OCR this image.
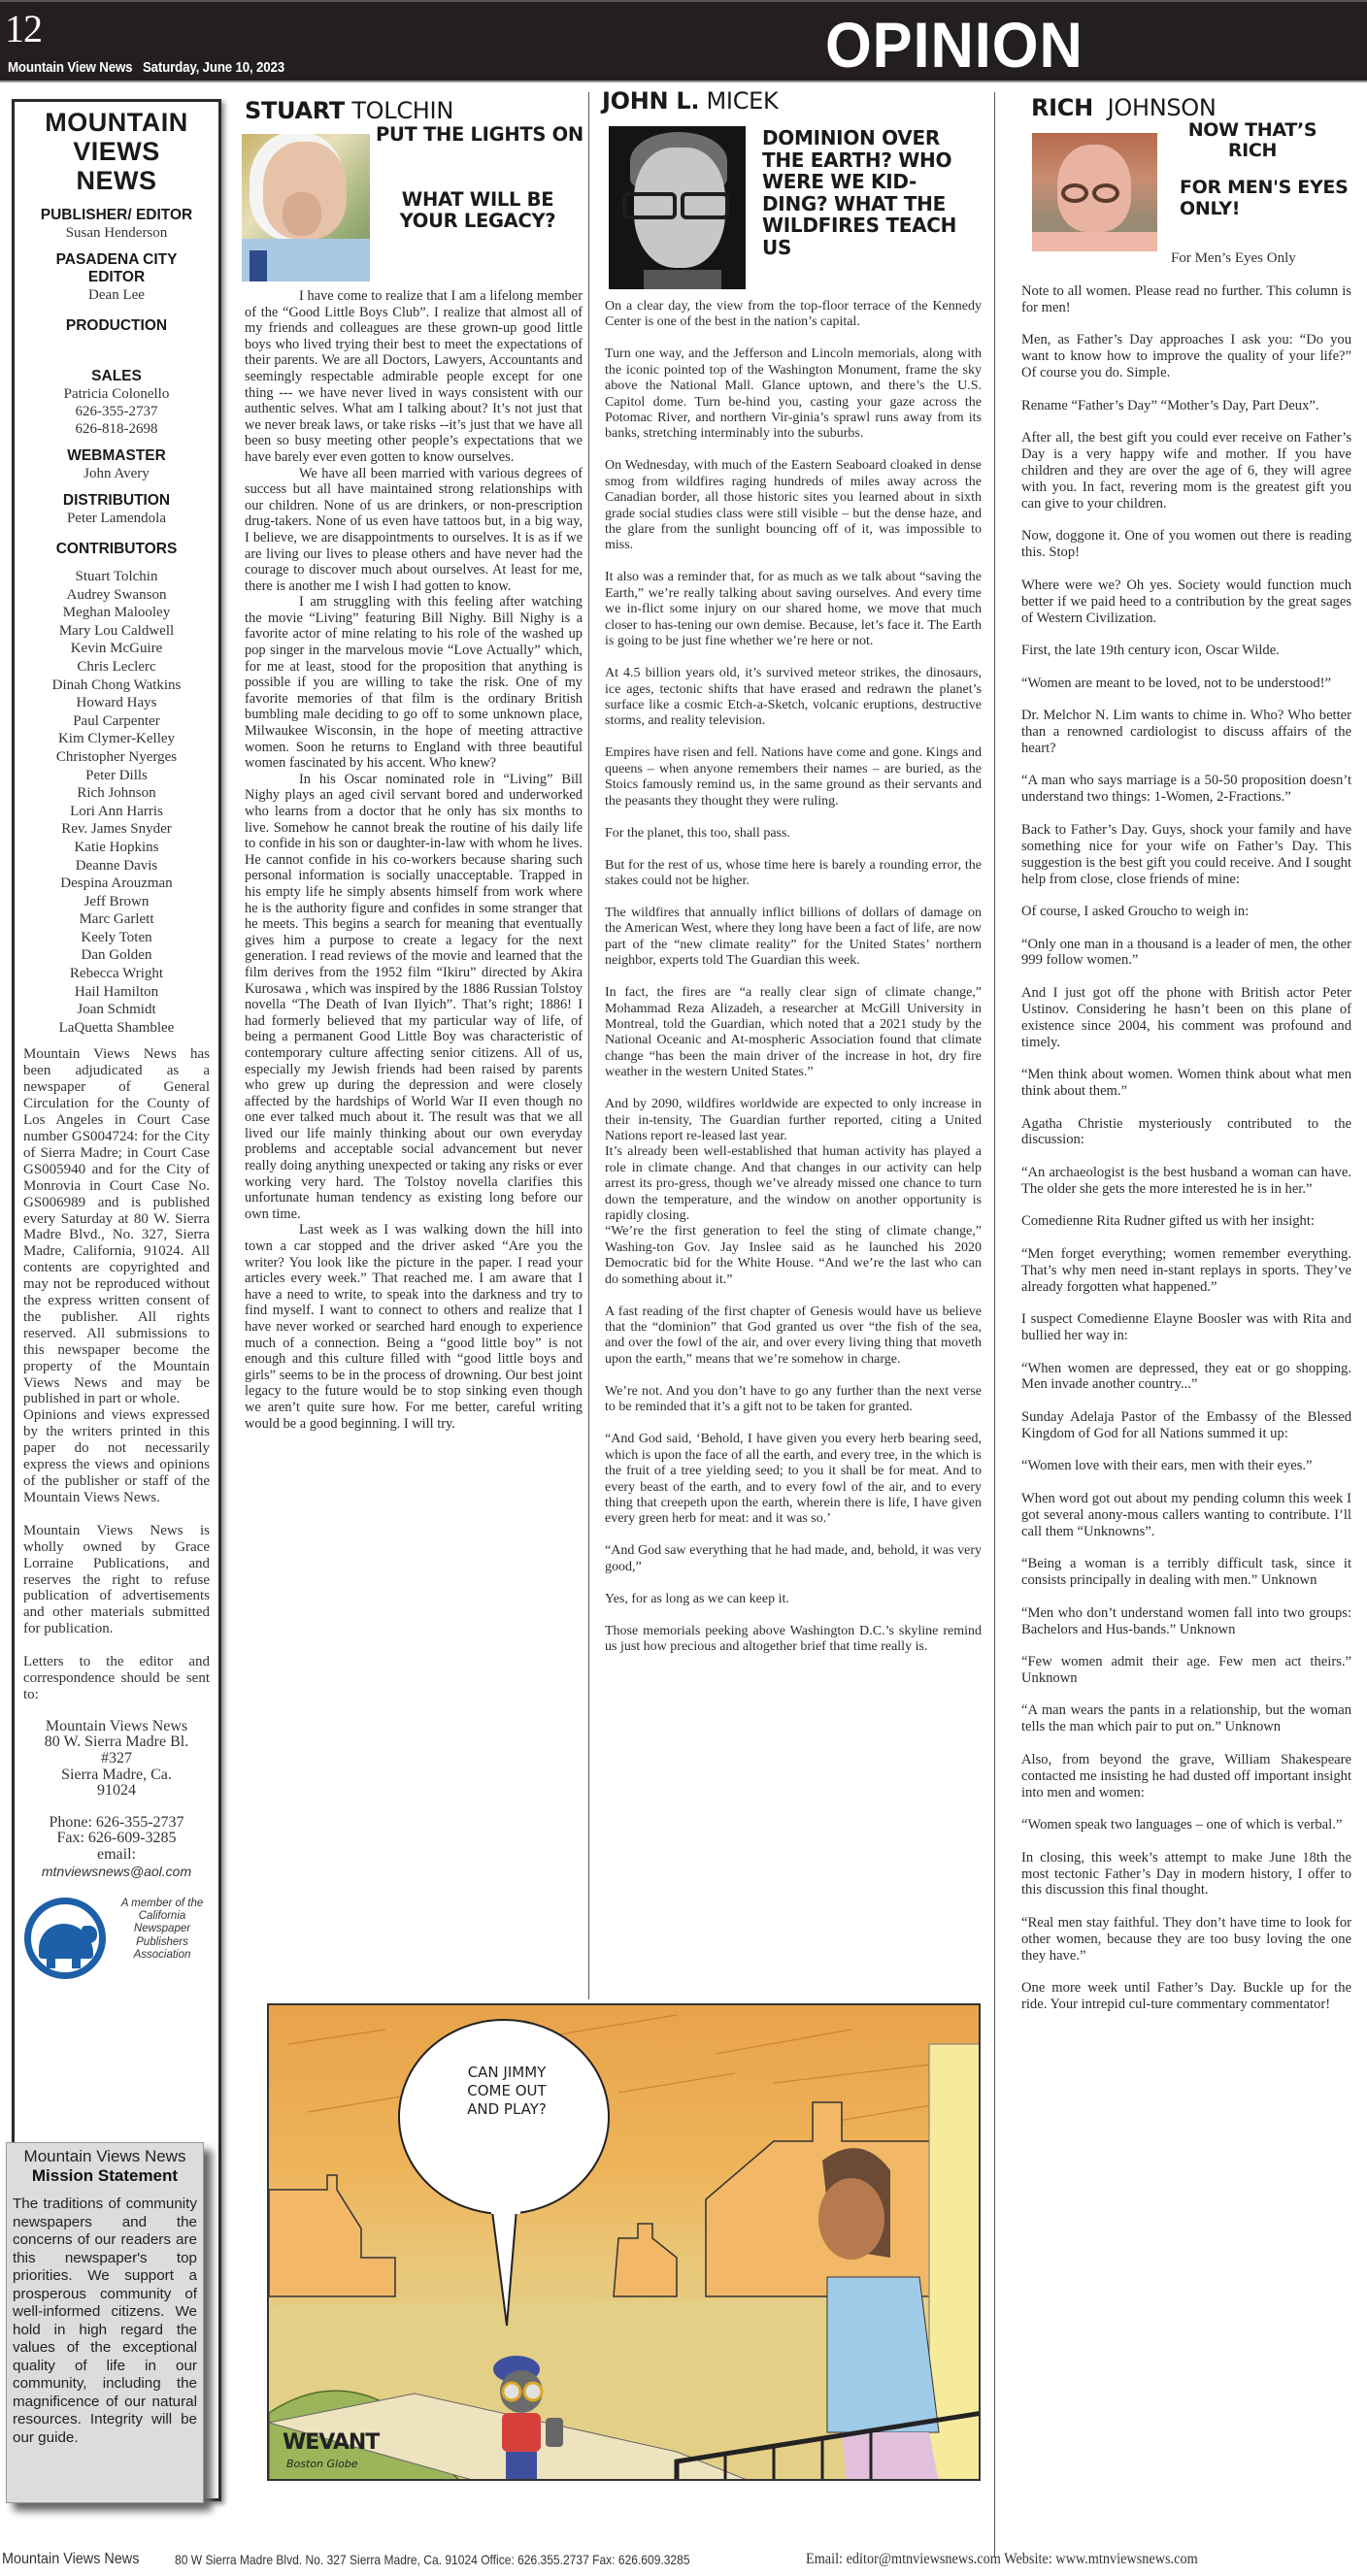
12
Mountain View News   Saturday, June 10, 2023	OPINION
MOUNTAIN
VIEWS
NEWS
PUBLISHER/ EDITOR
Susan Henderson
PASADENA CITY EDITOR
Dean Lee
PRODUCTION
SALES
Patricia Colonello
626-355-2737
626-818-2698
WEBMASTER
John Avery
DISTRIBUTION
Peter Lamendola
CONTRIBUTORS
Stuart Tolchin
Audrey Swanson
Meghan Malooley
Mary Lou Caldwell
Kevin McGuire
Chris Leclerc
Dinah Chong Watkins
Howard Hays
Paul Carpenter
Kim Clymer-Kelley
Christopher Nyerges
Peter Dills
Rich Johnson
Lori Ann Harris
Rev. James Snyder
Katie Hopkins
Deanne Davis
Despina Arouzman
Jeff Brown
Marc Garlett
Keely Toten
Dan Golden
Rebecca Wright
Hail Hamilton
Joan Schmidt
LaQuetta Shamblee
Mountain Views News has been adjudicated as a newspaper of General Circulation for the County of Los Angeles in Court Case number GS004724: for the City of Sierra Madre; in Court Case GS005940 and for the City of Monrovia in Court Case No. GS006989 and is published every Saturday at 80 W. Sierra Madre Blvd., No. 327, Sierra Madre, California, 91024. All contents are copyrighted and may not be reproduced without the express written consent of the publisher. All rights reserved. All submissions to this newspaper become the property of the Mountain Views News and may be published in part or whole.
Opinions and views expressed by the writers printed in this paper do not necessarily express the views and opinions of the publisher or staff of the Mountain Views News.
Mountain Views News is wholly owned by Grace Lorraine Publications, and reserves the right to refuse publication of advertisements and other materials submitted for publication.
Letters to the editor and correspondence should be sent to:
Mountain Views News
80 W. Sierra Madre Bl.
#327
Sierra Madre, Ca.
91024
Phone: 626-355-2737
Fax: 626-609-3285
email:
mtnviewsnews@aol.com
A member of the California Newspaper Publishers Association
Mountain Views News
Mission Statement
The traditions of community newspapers and the concerns of our readers are this newspaper's top priorities. We support a prosperous community of well-informed citizens. We hold in high regard the values of the exceptional quality of life in our community, including the magnificence of our natural resources. Integrity will be our guide.
STUART TOLCHIN
PUT THE LIGHTS ON
WHAT WILL BE YOUR LEGACY?

I have come to realize that I am a lifelong member of the “Good Little Boys Club”. I realize that almost all of my friends and colleagues are these grown-up good little boys who lived trying their best to meet the expectations of their parents. We are all Doctors, Lawyers, Accountants and seemingly respectable admirable people except for one thing --- we have never lived in ways consistent with our authentic selves. What am I talking about? It’s not just that we never break laws, or take risks --it’s just that we have all been so busy meeting other people’s expectations that we have barely ever even gotten to know ourselves.

We have all been married with various degrees of success but all have maintained strong relationships with our children. None of us are drinkers, or non-prescription drug-takers. None of us even have tattoos but, in a big way, I believe, we are disappointments to ourselves. It is as if we are living our lives to please others and have never had the courage to discover much about ourselves. At least for me, there is another me I wish I had gotten to know.

I am struggling with this feeling after watching the movie “Living” featuring Bill Nighy. Bill Nighy is a favorite actor of mine relating to his role of the washed up pop singer in the marvelous movie “Love Actually” which, for me at least, stood for the proposition that anything is possible if you are willing to take the risk. One of my favorite memories of that film is the ordinary British bumbling male deciding to go off to some unknown place, Milwaukee Wisconsin, in the hope of meeting attractive women. Soon he returns to England with three beautiful women fascinated by his accent. Who knew?

In his Oscar nominated role in “Living” Bill Nighy plays an aged civil servant bored and underworked who learns from a doctor that he only has six months to live. Somehow he cannot break the routine of his daily life to confide in his son or daughter-in-law with whom he lives. He cannot confide in his co-workers because sharing such personal information is socially unacceptable. Trapped in his empty life he simply absents himself from work where he is the authority figure and confides in some stranger that he meets. This begins a search for meaning that eventually gives him a purpose to create a legacy for the next generation. I read reviews of the movie and learned that the film derives from the 1952 film “Ikiru” directed by Akira Kurosawa , which was inspired by the 1886 Russian Tolstoy novella “The Death of Ivan Ilyich”. That’s right; 1886! I had formerly believed that my particular way of life, of being a permanent Good Little Boy was characteristic of contemporary culture affecting senior citizens. All of us, especially my Jewish friends had been raised by parents who grew up during the depression and were closely affected by the hardships of World War II even though no one ever talked much about it. The result was that we all lived our life mainly thinking about our own everyday problems and acceptable social advancement but never really doing anything unexpected or taking any risks or ever working very hard. The Tolstoy novella clarifies this unfortunate human tendency as existing long before our own time.

Last week as I was walking down the hill into town a car stopped and the driver asked “Are you the writer? You look like the picture in the paper. I read your articles every week.” That reached me. I am aware that I have a need to write, to speak into the darkness and try to find myself. I want to connect to others and realize that I have never worked or searched hard enough to experience much of a connection. Being a “good little boy” is not enough and this culture filled with “good little boys and girls” seems to be in the process of drowning. Our best joint legacy to the future would be to stop sinking even though we aren’t quite sure how. For me better, careful writing would be a good beginning. I will try.

JOHN L. MICEK
DOMINION OVER THE EARTH? WHO WERE WE KID-DING? WHAT THE WILDFIRES TEACH US

On a clear day, the view from the top-floor terrace of the Kennedy Center is one of the best in the nation’s capital.

Turn one way, and the Jefferson and Lincoln memorials, along with the iconic pointed top of the Washington Monument, frame the sky above the National Mall. Glance uptown, and there’s the U.S. Capitol dome. Turn be-hind you, casting your gaze across the Potomac River, and northern Vir-ginia’s sprawl runs away from its banks, stretching interminably into the suburbs.

On Wednesday, with much of the Eastern Seaboard cloaked in dense smog from wildfires raging hundreds of miles away across the Canadian border, all those historic sites you learned about in sixth grade social studies class were still visible – but the dense haze, and the glare from the sunlight bouncing off of it, was impossible to miss.

It also was a reminder that, for as much as we talk about “saving the Earth,” we’re really talking about saving ourselves. And every time we in-flict some injury on our shared home, we move that much closer to has-tening our own demise. Because, let’s face it. The Earth is going to be just fine whether we’re here or not.

At 4.5 billion years old, it’s survived meteor strikes, the dinosaurs, ice ages, tectonic shifts that have erased and redrawn the planet’s surface like a cosmic Etch-a-Sketch, volcanic eruptions, destructive storms, and reality television.

Empires have risen and fell. Nations have come and gone. Kings and queens – when anyone remembers their names – are buried, as the Stoics famously remind us, in the same ground as their servants and the peasants they thought they were ruling.

For the planet, this too, shall pass.

But for the rest of us, whose time here is barely a rounding error, the stakes could not be higher.

The wildfires that annually inflict billions of dollars of damage on the American West, where they long have been a fact of life, are now part of the “new climate reality” for the United States’ northern neighbor, experts told The Guardian this week.

In fact, the fires are “a really clear sign of climate change,” Mohammad Reza Alizadeh, a researcher at McGill University in Montreal, told the Guardian, which noted that a 2021 study by the National Oceanic and At-mospheric Association found that climate change “has been the main driver of the increase in hot, dry fire weather in the western United States.”

And by 2090, wildfires worldwide are expected to only increase in their in-tensity, The Guardian further reported, citing a United Nations report re-leased last year.
It’s already been well-established that human activity has played a role in climate change. And that changes in our activity can help arrest its pro-gress, though we’ve already missed one chance to turn down the temperature, and the window on another opportunity is rapidly closing.
“We’re the first generation to feel the sting of climate change,” Washing-ton Gov. Jay Inslee said as he launched his 2020 Democratic bid for the White House. “And we’re the last who can do something about it.”

A fast reading of the first chapter of Genesis would have us believe that the “dominion” that God granted us over “the fish of the sea, and over the fowl of the air, and over every living thing that moveth upon the earth,” means that we’re somehow in charge.

We’re not. And you don’t have to go any further than the next verse to be reminded that it’s a gift not to be taken for granted.

“And God said, ‘Behold, I have given you every herb bearing seed, which is upon the face of all the earth, and every tree, in the which is the fruit of a tree yielding seed; to you it shall be for meat. And to every beast of the earth, and to every fowl of the air, and to every thing that creepeth upon the earth, wherein there is life, I have given every green herb for meat: and it was so.’

“And God saw everything that he had made, and, behold, it was very good,”

Yes, for as long as we can keep it.

Those memorials peeking above Washington D.C.’s skyline remind us just how precious and altogether brief that time really is.

RICH JOHNSON
NOW THAT’S RICH
FOR MEN'S EYES ONLY!
For Men’s Eyes Only

Note to all women. Please read no further. This column is for men!

Men, as Father’s Day approaches I ask you: “Do you want to know how to improve the quality of your life?” Of course you do. Simple.

Rename “Father’s Day” “Mother’s Day, Part Deux”.

After all, the best gift you could ever receive on Father’s Day is a very happy wife and mother. If you have children and they are over the age of 6, they will agree with you. In fact, revering mom is the greatest gift you can give to your children.

Now, doggone it. One of you women out there is reading this. Stop!

Where were we? Oh yes. Society would function much better if we paid heed to a contribution by the great sages of Western Civilization.

First, the late 19th century icon, Oscar Wilde.

“Women are meant to be loved, not to be understood!”

Dr. Melchor N. Lim wants to chime in. Who? Who better than a renowned cardiologist to discuss affairs of the heart?

“A man who says marriage is a 50-50 proposition doesn’t understand two things: 1-Women, 2-Fractions.”

Back to Father’s Day. Guys, shock your family and have something nice for your wife on Father’s Day. This suggestion is the best gift you could receive. And I sought help from close, close friends of mine:

Of course, I asked Groucho to weigh in:

“Only one man in a thousand is a leader of men, the other 999 follow women.”

And I just got off the phone with British actor Peter Ustinov. Considering he hasn’t been on this plane of existence since 2004, his comment was profound and timely.

“Men think about women. Women think about what men think about them.”

Agatha Christie mysteriously contributed to the discussion:

“An archaeologist is the best husband a woman can have. The older she gets the more interested he is in her.”

Comedienne Rita Rudner gifted us with her insight:

“Men forget everything; women remember everything. That’s why men need in-stant replays in sports. They’ve already forgotten what happened.”

I suspect Comedienne Elayne Boosler was with Rita and bullied her way in:

“When women are depressed, they eat or go shopping. Men invade another country...”

Sunday Adelaja Pastor of the Embassy of the Blessed Kingdom of God for all Nations summed it up:

“Women love with their ears, men with their eyes.”

When word got out about my pending column this week I got several anony-mous callers wanting to contribute. I’ll call them “Unknowns”.

“Being a woman is a terribly difficult task, since it consists principally in dealing with men.” Unknown

“Men who don’t understand women fall into two groups: Bachelors and Hus-bands.” Unknown

“Few women admit their age. Few men act theirs.” Unknown

“A man wears the pants in a relationship, but the woman tells the man which pair to put on.” Unknown

Also, from beyond the grave, William Shakespeare contacted me insisting he had dusted off important insight into men and women:

“Women speak two languages – one of which is verbal.”

In closing, this week’s attempt to make June 18th the most tectonic Father’s Day in modern history, I offer to this discussion this final thought.

“Real men stay faithful. They don’t have time to look for other women, because they are too busy loving the one they have.”

One more week until Father’s Day. Buckle up for the ride. Your intrepid cul-ture commentary commentator!

CAN JIMMY
COME OUT
AND PLAY?
WEVANT
Boston Globe
Mountain Views News	80 W Sierra Madre Blvd. No. 327 Sierra Madre, Ca. 91024 Office: 626.355.2737 Fax: 626.609.3285	Email: editor@mtnviewsnews.com Website: www.mtnviewsnews.com
